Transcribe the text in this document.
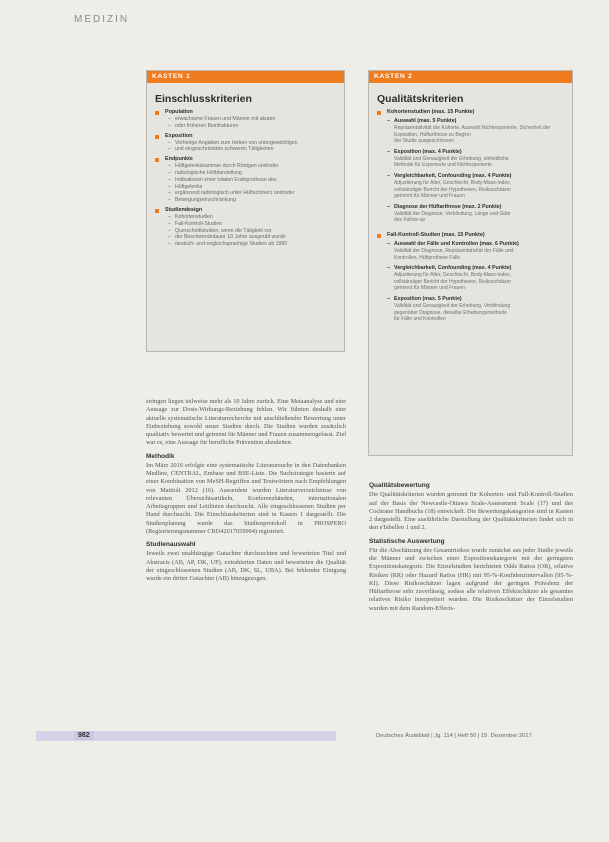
MEDIZIN
KASTEN 1
Einschlusskriterien
Population
– erwachsene Frauen und Männer mit akuten
– oder früheren Beinfrakturen
Exposition
– Vorherige Angaben zum Heben von untergewichtigen
– und eingeschränkten schweren Tätigkeiten
Endpunkte
– Hüftgelenkskammer durch Röntgen und/oder
– radiologische Hüftdarstellung
– Indikationen einer totalen Endoprothese des
– Hüftgelenks
– ergänzend radiologisch unter Hüftschmerz und/oder
– Bewegungseinschränkung
Studiendesign
– Kohortenstudien
– Fall-Kontroll-Studien
– Querschnittstudien, wenn die Tätigkeit vor
– der Beschwerdedauer 10 Jahre ausgeübt wurde
– deutsch- und englischsprachige Studien ab 1990
KASTEN 2
Qualitätskriterien
Kohortenstudien (max. 15 Punkte)
– Auswahl (max. 5 Punkte)
Repräsentativität der Kohorte, Auswahl Nichtexponierte, Sicherheit der Exposition, Hüftarthrose zu Beginn
der Studie ausgeschlossen
– Exposition (max. 4 Punkte)
Validität und Genauigkeit der Erhebung, einheitliche
Methode für Exponierte und Nichtexponierte
– Vergleichbarkeit, Confounding (max. 4 Punkte)
Adjustierung für Alter, Geschlecht, Body-Mass-Index,
vollständiger Bericht der Hypothesen, Risikoschätzer
getrennt für Männer und Frauen
– Diagnose der Hüftarthrose (max. 2 Punkte)
Validität der Diagnose, Verblindung, Länge und Güte
des Follow-up
Fall-Kontroll-Studien (max. 15 Punkte)
– Auswahl der Fälle und Kontrollen (max. 6 Punkte)
Validität der Diagnose, Repräsentativität der Fälle und
Kontrollen, Hüftprothese Fälle
– Vergleichbarkeit, Confounding (max. 4 Punkte)
Adjustierung für Alter, Geschlecht, Body-Mass-Index,
vollständiger Bericht der Hypothesen, Risikoschätzer
getrennt für Männer und Frauen
– Exposition (max. 5 Punkte)
Validität und Genauigkeit der Erhebung, Verblindung
gegenüber Diagnose, dieselbe Erhebungsmethode
für Fälle und Kontrollen

stringen liegen teilweise mehr als 10 Jahre zurück. Eine Metaanalyse und eine Aussage zur Dosis-Wirkungs-Beziehung fehlen. Wir führten deshalb eine aktuelle systematische Literaturrecherche mit anschließender Bewertung unter Einbeziehung sowohl neuer Studien durch. Die Studien wurden zusätzlich qualitativ bewertet und getrennt für Männer und Frauen zusammengefasst. Ziel war es, eine Aussage für berufliche Prävention abzuleiten.

Methodik

Im März 2016 erfolgte eine systematische Literatursuche in den Datenbanken Medline, CENTRAL, Embase und BSE-Liste. Die Suchstrategie basierte auf einer Kombination von MeSH-Begriffen und Textwörtern nach Empfehlungen von Mattioli 2012 (16). Ausserdem wurden Literaturverzeichnisse von relevanten Übersichtsartikeln, Konferenzbänden, internationalen Arbeitsgruppen und Leitlinien durchsucht. Alle eingeschlossenen Studien per Hand durchsucht. Die Einschlusskriterien sind in Kasten 1 dargestellt. Die Studienplanung wurde das Studienprotokoll in PROSPERO (Registrierungsnummer CRD42017059994) registriert.

Studienauswahl

Jeweils zwei unabhängige Gutachter durchsuchten und bewerteten Titel und Abstracts (AB, AP, DK, UP), extrahierten Daten und bewerteten die Qualität der eingeschlossenen Studien (AB, DK, SL, UBA). Bei fehlender Einigung wurde ein dritter Gutachter (AB) hinzugezogen.

Qualitätsbewertung

Die Qualitätskriterien wurden getrennt für Kohorten- und Fall-Kontroll-Studien auf der Basis der Newcastle-Ottawa Scale-Assessment Scale (17) und des Cochrane Handbuchs (18) entwickelt. Die Bewertungskategorien sind in Kasten 2 dargestellt. Eine ausführliche Darstellung der Qualitätskriterien findet sich in den eTabellen 1 und 2.

Statistische Auswertung

Für die Abschätzung des Gesamtrisikos wurde zunächst aus jeder Studie jeweils die Männer und zwischen einer Expositionskategorie mit der geringsten Expositionskategorie. Die Einzelstudien berichteten Odds Ratios (OR), relative Risiken (RR) oder Hazard Ratios (HR) mit 95-%-Konfidenzintervallen (95-%-KI). Diese Risikoschätzer lagen aufgrund der geringen Prävalenz der Hüftarthrose sehr zuverlässig, sodass alle relativen Effektschätzer als gesamtes relatives Risiko interpretiert wurden. Die Risikoschätzer der Einzelstudien wurden mit dem Random-Effects-

982	Deutsches Ärzteblatt | Jg. 114 | Heft 50 | 15. Dezember 2017
